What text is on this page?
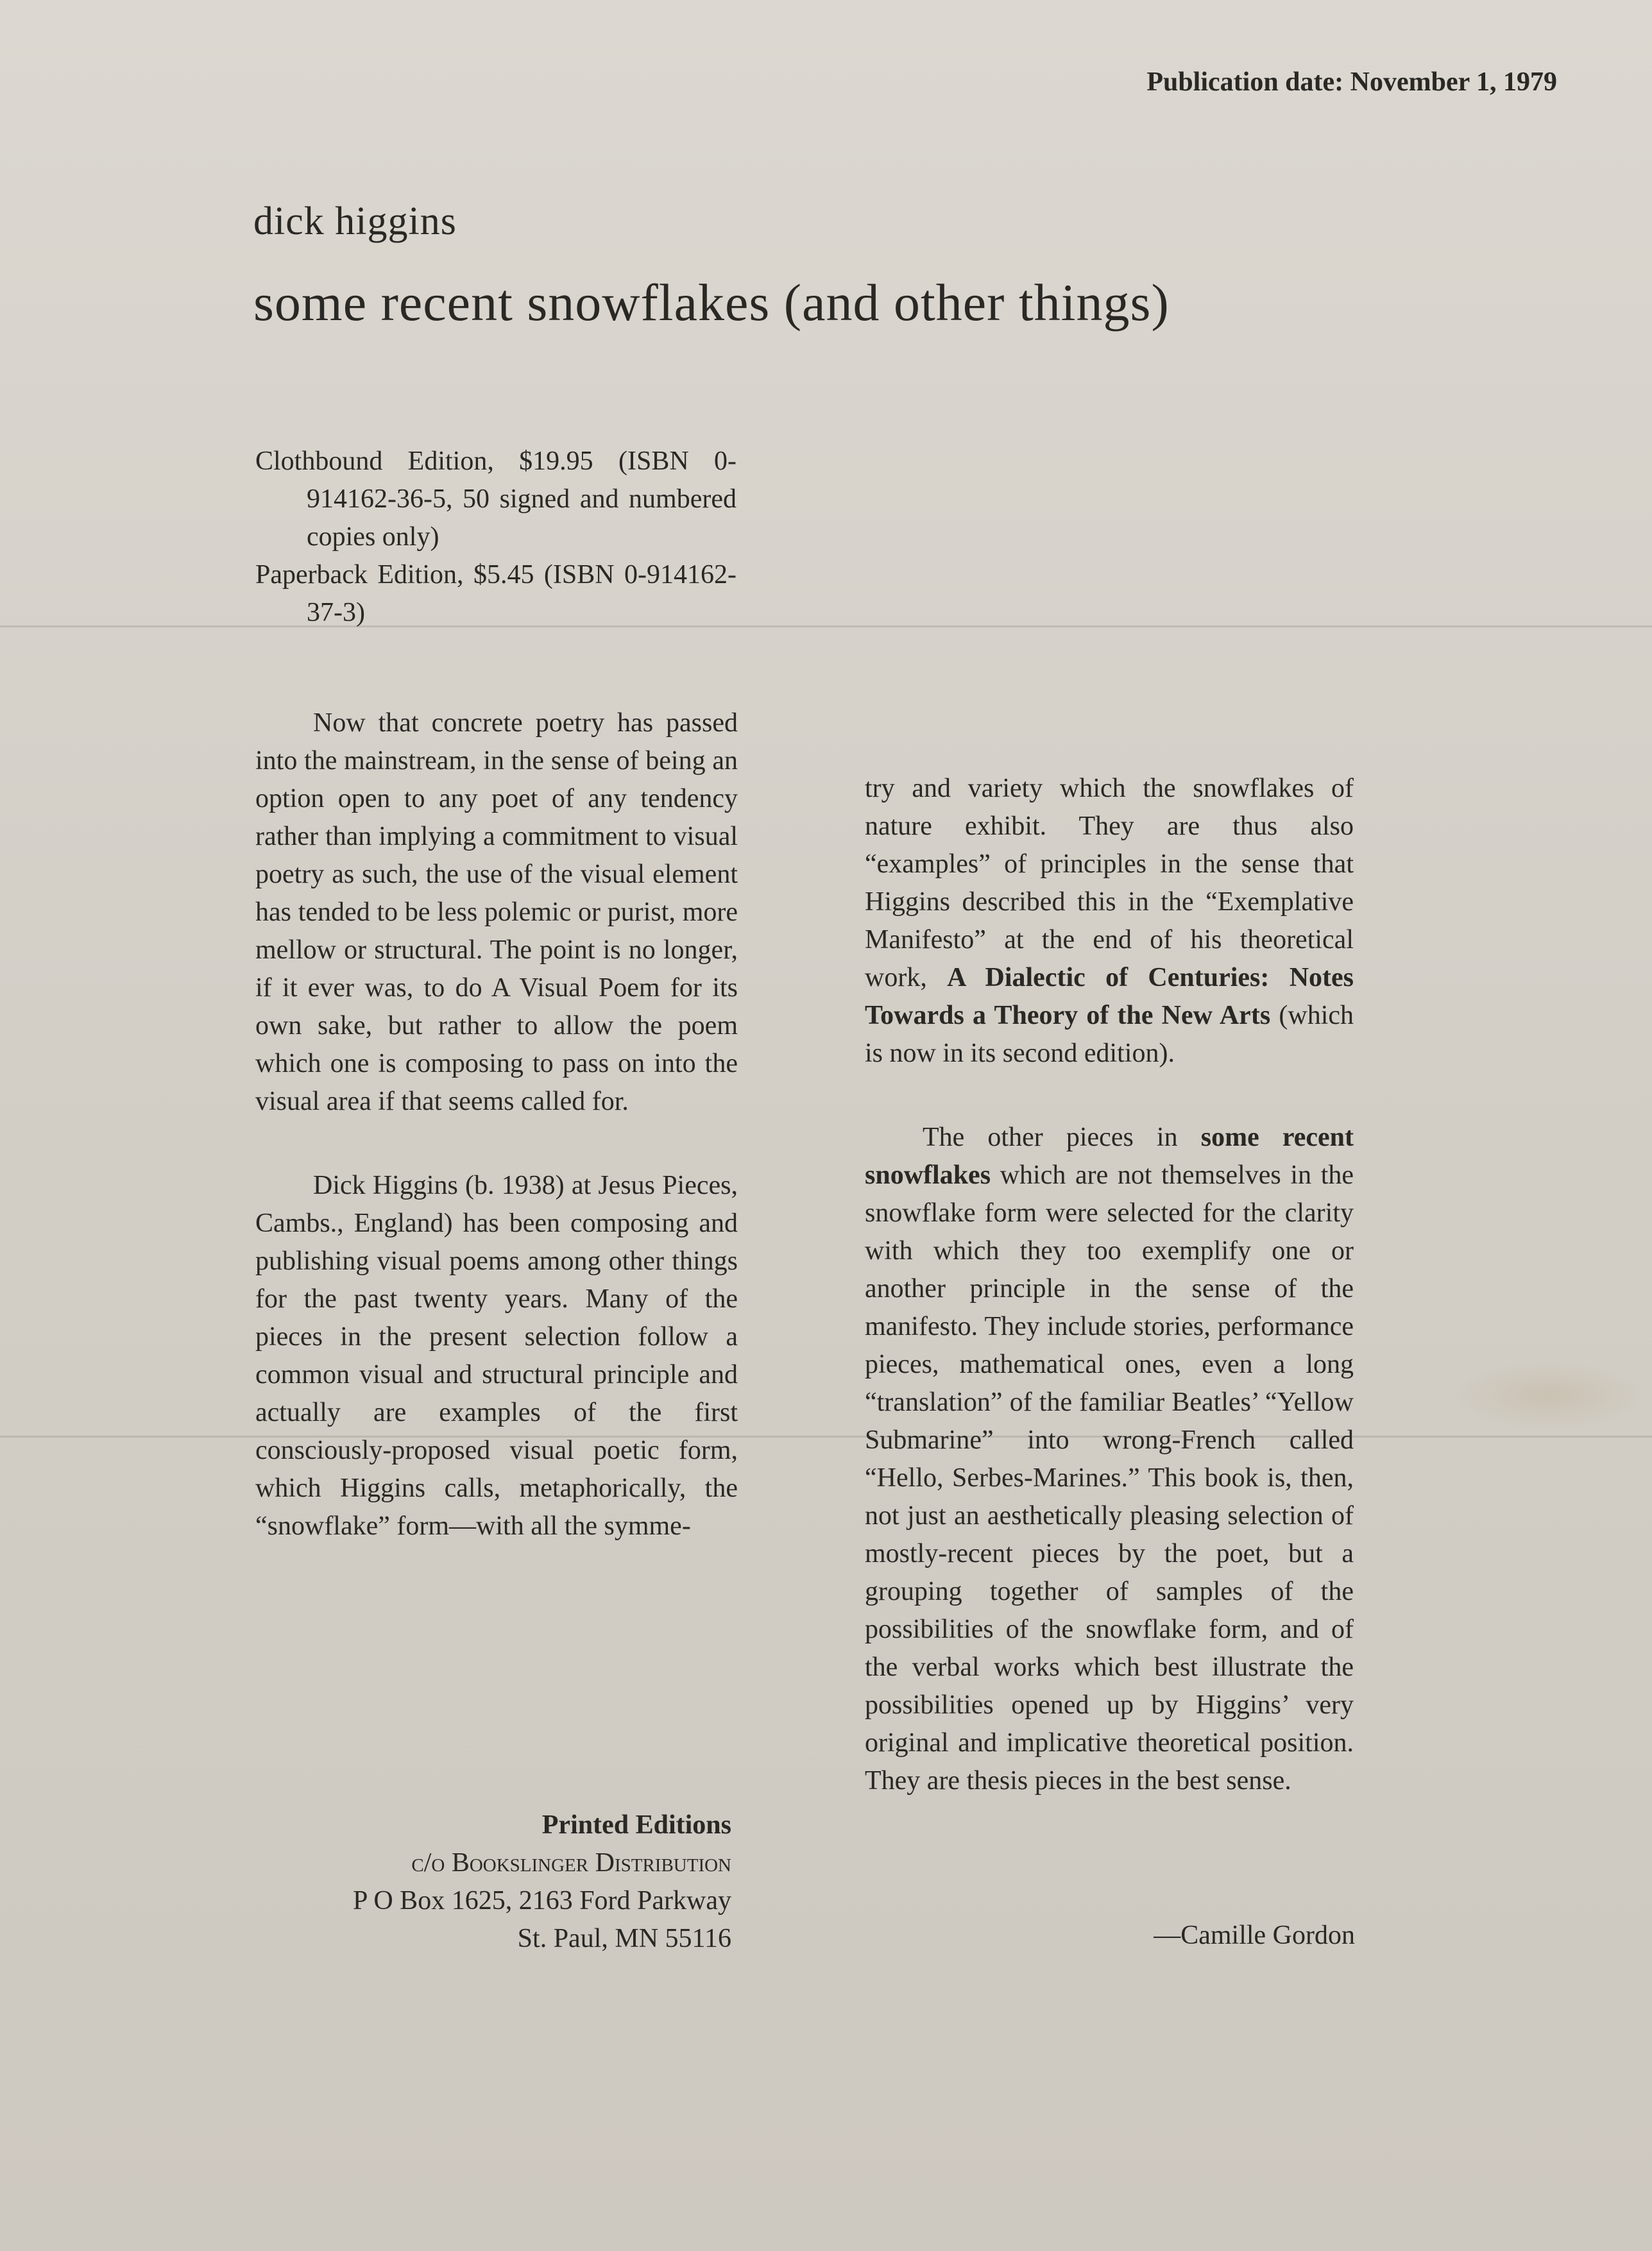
Publication date: November 1, 1979
dick higgins
some recent snowflakes (and other things)
Clothbound Edition, $19.95 (ISBN 0-914162-36-5, 50 signed and numbered copies only)
Paperback Edition, $5.45 (ISBN 0-914162-37-3)

Now that concrete poetry has passed into the mainstream, in the sense of being an option open to any poet of any tendency rather than implying a commitment to visual poetry as such, the use of the visual element has tended to be less polemic or purist, more mellow or structural. The point is no longer, if it ever was, to do A Visual Poem for its own sake, but rather to allow the poem which one is composing to pass on into the visual area if that seems called for.

Dick Higgins (b. 1938) at Jesus Pieces, Cambs., England) has been composing and publishing visual poems among other things for the past twenty years. Many of the pieces in the present selection follow a common visual and structural principle and actually are examples of the first consciously-proposed visual poetic form, which Higgins calls, metaphorically, the “snowflake” form—with all the symme-

try and variety which the snowflakes of nature exhibit. They are thus also “examples” of principles in the sense that Higgins described this in the “Exemplative Manifesto” at the end of his theoretical work, A Dialectic of Centuries: Notes Towards a Theory of the New Arts (which is now in its second edition).

The other pieces in some recent snowflakes which are not themselves in the snowflake form were selected for the clarity with which they too exemplify one or another principle in the sense of the manifesto. They include stories, performance pieces, mathematical ones, even a long “translation” of the familiar Beatles’ “Yellow Submarine” into wrong-French called “Hello, Serbes-Marines.” This book is, then, not just an aesthetically pleasing selection of mostly-recent pieces by the poet, but a grouping together of samples of the possibilities of the snowflake form, and of the verbal works which best illustrate the possibilities opened up by Higgins’ very original and implicative theoretical position. They are thesis pieces in the best sense.

—Camille Gordon
Printed Editions
c/o Bookslinger Distribution
P O Box 1625, 2163 Ford Parkway
St. Paul, MN 55116
